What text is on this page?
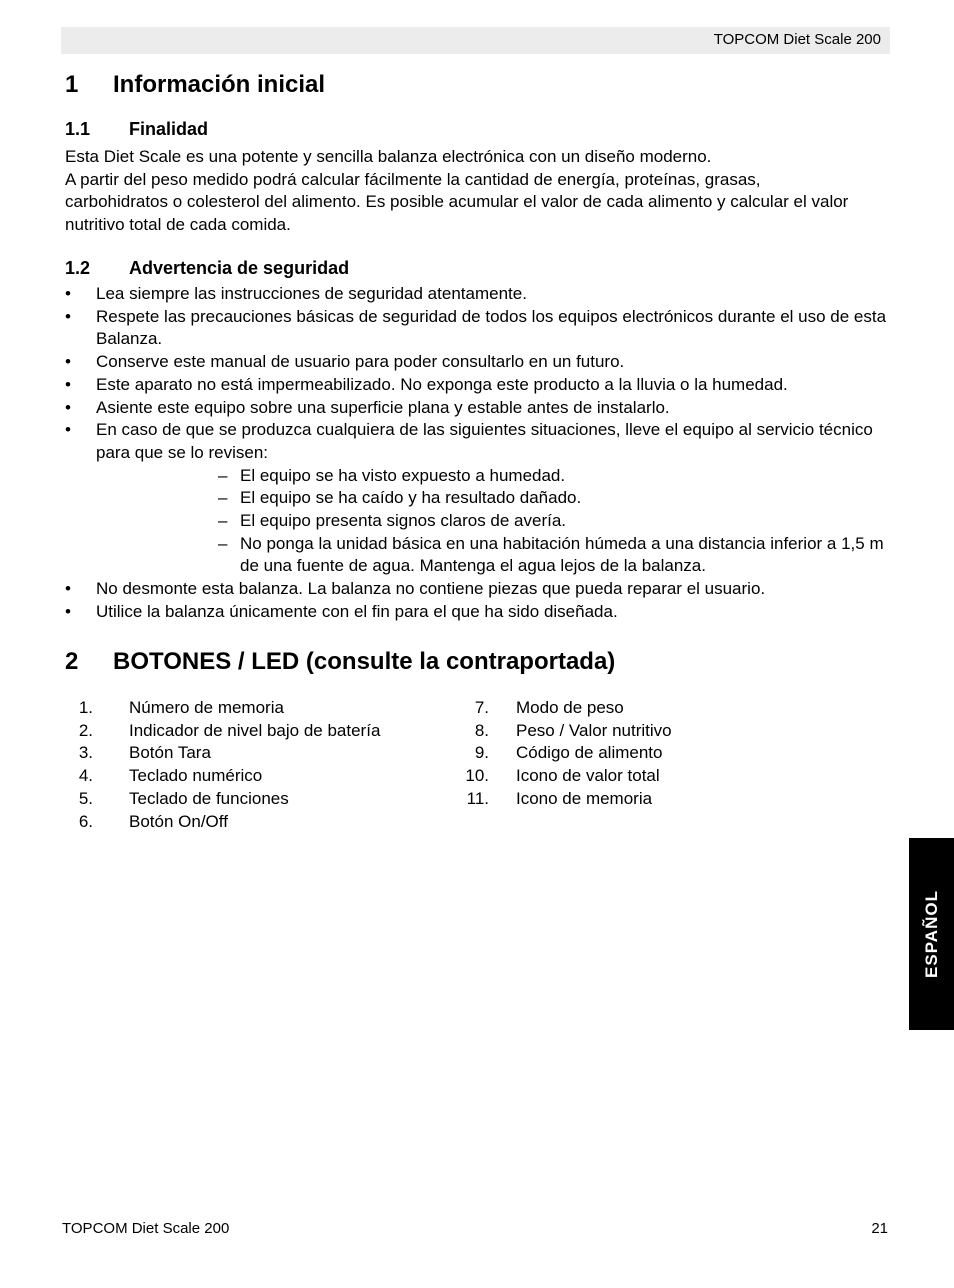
TOPCOM Diet Scale 200
1 Información inicial
1.1 Finalidad
Esta Diet Scale es una potente y sencilla balanza electrónica con un diseño moderno.
A partir del peso medido podrá calcular fácilmente la cantidad de energía, proteínas, grasas,
carbohidratos o colesterol del alimento. Es posible acumular el valor de cada alimento y calcular el valor
nutritivo total de cada comida.
1.2 Advertencia de seguridad
• Lea siempre las instrucciones de seguridad atentamente.
• Respete las precauciones básicas de seguridad de todos los equipos electrónicos durante el uso de esta Balanza.
• Conserve este manual de usuario para poder consultarlo en un futuro.
• Este aparato no está impermeabilizado. No exponga este producto a la lluvia o la humedad.
• Asiente este equipo sobre una superficie plana y estable antes de instalarlo.
• En caso de que se produzca cualquiera de las siguientes situaciones, lleve el equipo al servicio técnico para que se lo revisen:
– El equipo se ha visto expuesto a humedad.
– El equipo se ha caído y ha resultado dañado.
– El equipo presenta signos claros de avería.
– No ponga la unidad básica en una habitación húmeda a una distancia inferior a 1,5 m de una fuente de agua. Mantenga el agua lejos de la balanza.
• No desmonte esta balanza. La balanza no contiene piezas que pueda reparar el usuario.
• Utilice la balanza únicamente con el fin para el que ha sido diseñada.
2 BOTONES / LED (consulte la contraportada)
1. Número de memoria
2. Indicador de nivel bajo de batería
3. Botón Tara
4. Teclado numérico
5. Teclado de funciones
6. Botón On/Off
7. Modo de peso
8. Peso / Valor nutritivo
9. Código de alimento
10. Icono de valor total
11. Icono de memoria
ESPAÑOL
TOPCOM Diet Scale 200	21
